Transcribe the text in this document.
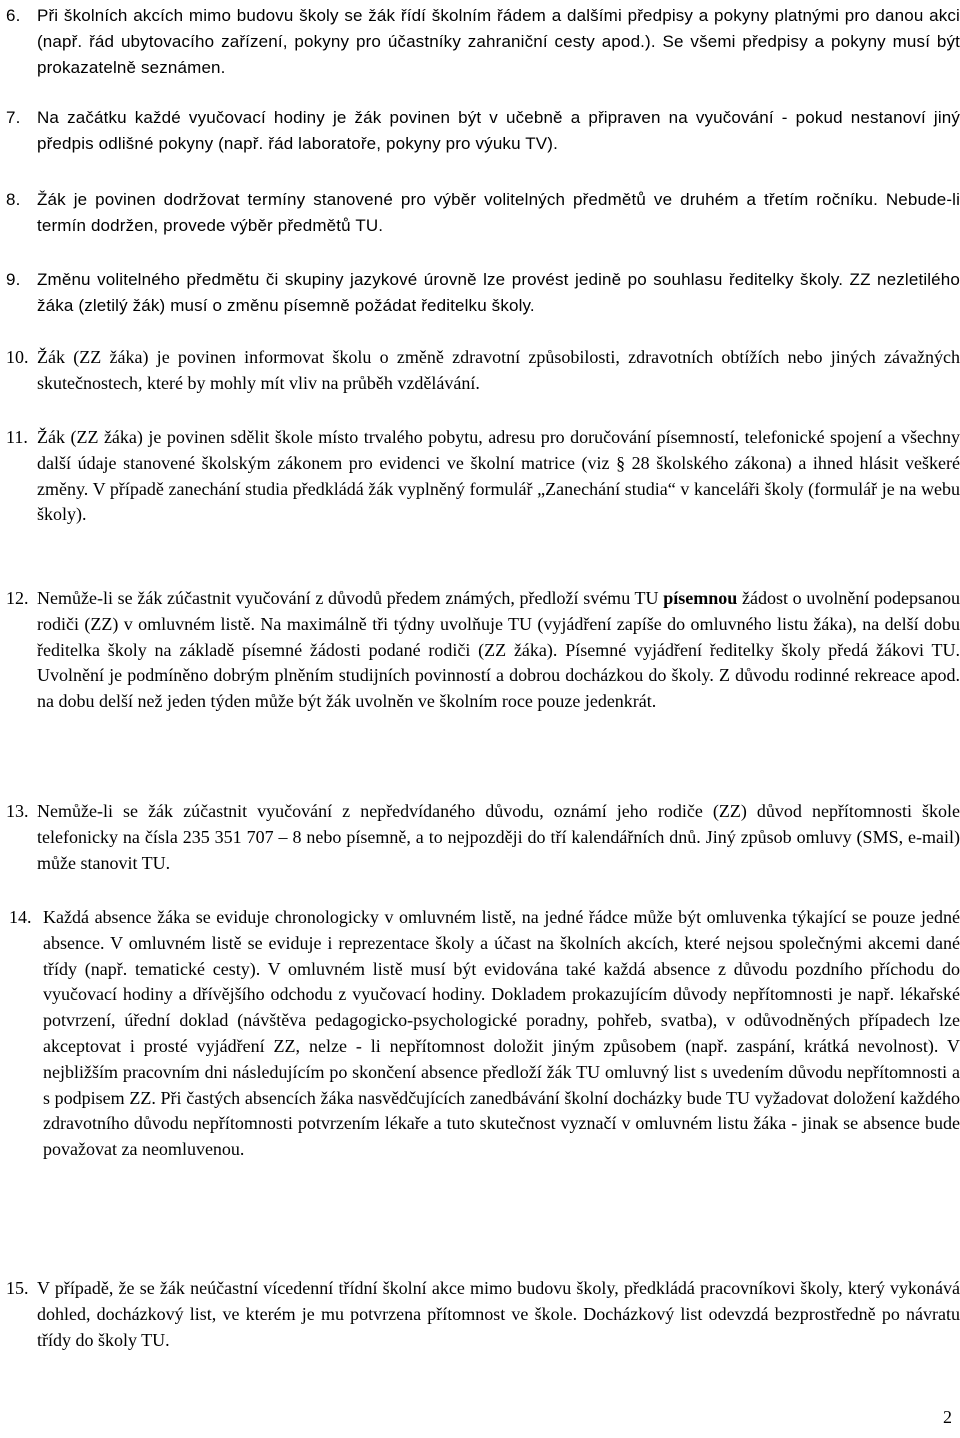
6. Při školních akcích mimo budovu školy se žák řídí školním řádem a dalšími předpisy a pokyny platnými pro danou akci (např. řád ubytovacího zařízení, pokyny pro účastníky zahraniční cesty apod.). Se všemi předpisy a pokyny musí být prokazatelně seznámen.

7. Na začátku každé vyučovací hodiny je žák povinen být v učebně a připraven na vyučování - pokud nestanoví jiný předpis odlišné pokyny (např. řád laboratoře, pokyny pro výuku TV).

8. Žák je povinen dodržovat termíny stanovené pro výběr volitelných předmětů ve druhém a třetím ročníku. Nebude-li termín dodržen, provede výběr předmětů TU.

9. Změnu volitelného předmětu či skupiny jazykové úrovně lze provést jedině po souhlasu ředitelky školy. ZZ nezletilého žáka (zletilý žák) musí o změnu písemně požádat ředitelku školy.

10. Žák (ZZ žáka) je povinen informovat školu o změně zdravotní způsobilosti, zdravotních obtížích nebo jiných závažných skutečnostech, které by mohly mít vliv na průběh vzdělávání.

11. Žák (ZZ žáka) je povinen sdělit škole místo trvalého pobytu, adresu pro doručování písemností, telefonické spojení a všechny další údaje stanovené školským zákonem pro evidenci ve školní matrice (viz § 28 školského zákona) a ihned hlásit veškeré změny. V případě zanechání studia předkládá žák vyplněný formulář „Zanechání studia“ v kanceláři školy (formulář je na webu školy).

12. Nemůže-li se žák zúčastnit vyučování z důvodů předem známých, předloží svému TU písemnou žádost o uvolnění podepsanou rodiči (ZZ) v omluvném listě. Na maximálně tři týdny uvolňuje TU (vyjádření zapíše do omluvného listu žáka), na delší dobu ředitelka školy na základě písemné žádosti podané rodiči (ZZ žáka). Písemné vyjádření ředitelky školy předá žákovi TU. Uvolnění je podmíněno dobrým plněním studijních povinností a dobrou docházkou do školy. Z důvodu rodinné rekreace apod. na dobu delší než jeden týden může být žák uvolněn ve školním roce pouze jedenkrát.

13. Nemůže-li se žák zúčastnit vyučování z nepředvídaného důvodu, oznámí jeho rodiče (ZZ) důvod nepřítomnosti škole telefonicky na čísla 235 351 707 – 8 nebo písemně, a to nejpozději do tří kalendářních dnů. Jiný způsob omluvy (SMS, e-mail) může stanovit TU.

14. Každá absence žáka se eviduje chronologicky v omluvném listě, na jedné řádce může být omluvenka týkající se pouze jedné absence. V omluvném listě se eviduje i reprezentace školy a účast na školních akcích, které nejsou společnými akcemi dané třídy (např. tematické cesty). V omluvném listě musí být evidována také každá absence z důvodu pozdního příchodu do vyučovací hodiny a dřívějšího odchodu z vyučovací hodiny. Dokladem prokazujícím důvody nepřítomnosti je např. lékařské potvrzení, úřední doklad (návštěva pedagogicko-psychologické poradny, pohřeb, svatba), v odůvodněných případech lze akceptovat i prosté vyjádření ZZ, nelze - li nepřítomnost doložit jiným způsobem (např. zaspání, krátká nevolnost). V nejbližším pracovním dni následujícím po skončení absence předloží žák TU omluvný list s uvedením důvodu nepřítomnosti a s podpisem ZZ. Při častých absencích žáka nasvědčujících zanedbávání školní docházky bude TU vyžadovat doložení každého zdravotního důvodu nepřítomnosti potvrzením lékaře a tuto skutečnost vyznačí v omluvném listu žáka - jinak se absence bude považovat za neomluvenou.

15. V případě, že se žák neúčastní vícedenní třídní školní akce mimo budovu školy, předkládá pracovníkovi školy, který vykonává dohled, docházkový list, ve kterém je mu potvrzena přítomnost ve škole. Docházkový list odevzdá bezprostředně po návratu třídy do školy TU.

2
